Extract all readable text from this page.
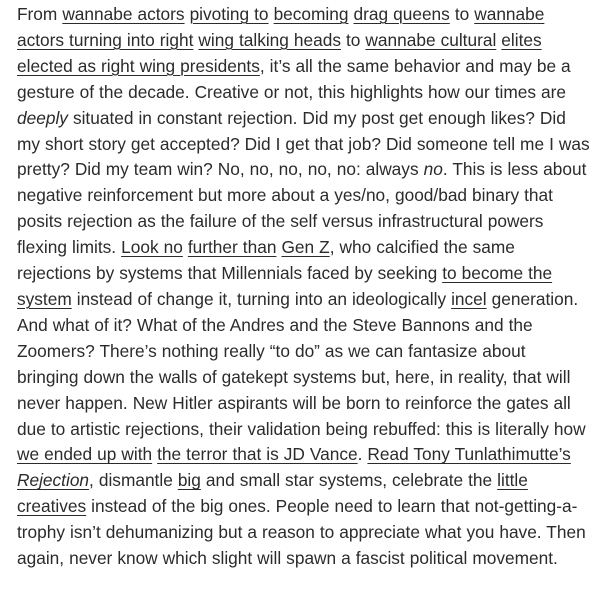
From wannabe actors pivoting to becoming drag queens to wannabe actors turning into right wing talking heads to wannabe cultural elites elected as right wing presidents, it’s all the same behavior and may be a gesture of the decade. Creative or not, this highlights how our times are deeply situated in constant rejection. Did my post get enough likes? Did my short story get accepted? Did I get that job? Did someone tell me I was pretty? Did my team win? No, no, no, no, no: always no. This is less about negative reinforcement but more about a yes/no, good/bad binary that posits rejection as the failure of the self versus infrastructural powers flexing limits. Look no further than Gen Z, who calcified the same rejections by systems that Millennials faced by seeking to become the system instead of change it, turning into an ideologically incel generation. And what of it? What of the Andres and the Steve Bannons and the Zoomers? There’s nothing really “to do” as we can fantasize about bringing down the walls of gatekept systems but, here, in reality, that will never happen. New Hitler aspirants will be born to reinforce the gates all due to artistic rejections, their validation being rebuffed: this is literally how we ended up with the terror that is JD Vance. Read Tony Tunlathimutte’s Rejection, dismantle big and small star systems, celebrate the little creatives instead of the big ones. People need to learn that not-getting-a-trophy isn’t dehumanizing but a reason to appreciate what you have. Then again, never know which slight will spawn a fascist political movement.
